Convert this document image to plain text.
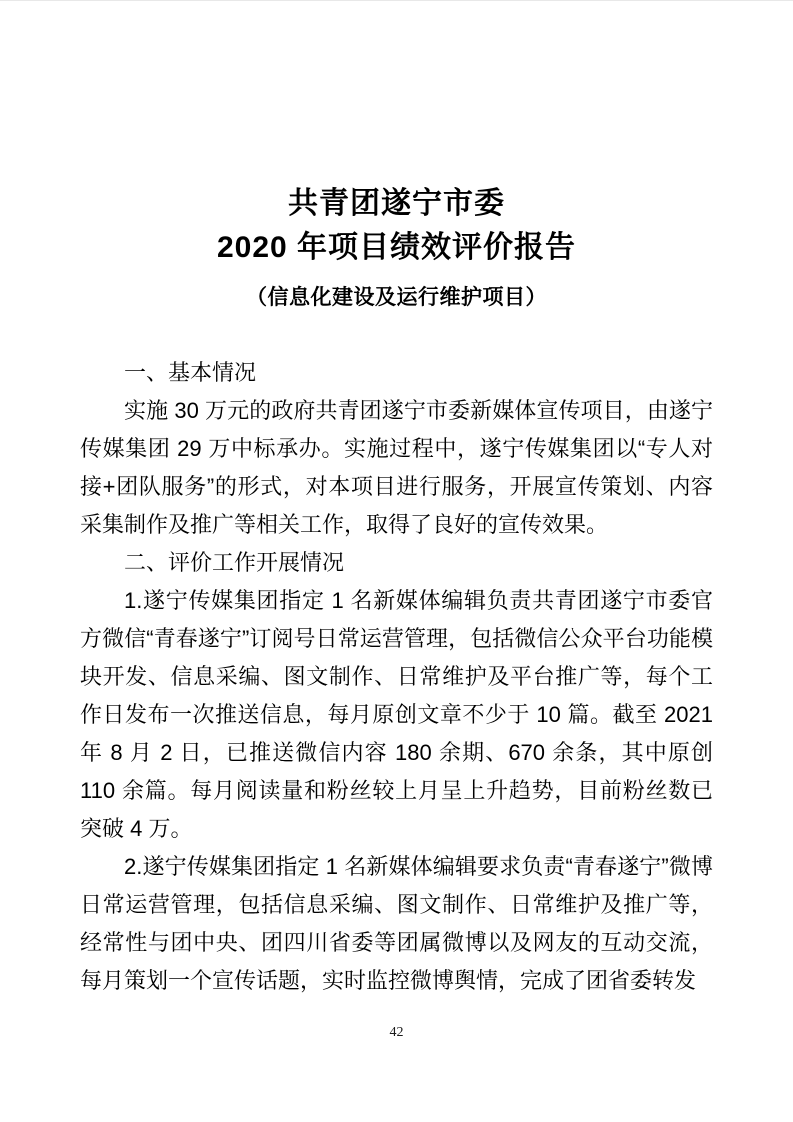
共青团遂宁市委
2020 年项目绩效评价报告
（信息化建设及运行维护项目）

一、基本情况

实施 30 万元的政府共青团遂宁市委新媒体宣传项目，由遂宁传媒集团 29 万中标承办。实施过程中，遂宁传媒集团以“专人对接+团队服务”的形式，对本项目进行服务，开展宣传策划、内容采集制作及推广等相关工作，取得了良好的宣传效果。

二、评价工作开展情况

1.遂宁传媒集团指定 1 名新媒体编辑负责共青团遂宁市委官方微信“青春遂宁”订阅号日常运营管理，包括微信公众平台功能模块开发、信息采编、图文制作、日常维护及平台推广等，每个工作日发布一次推送信息，每月原创文章不少于 10 篇。截至 2021 年 8 月 2 日，已推送微信内容 180 余期、670 余条，其中原创 110 余篇。每月阅读量和粉丝较上月呈上升趋势，目前粉丝数已突破 4 万。

2.遂宁传媒集团指定 1 名新媒体编辑要求负责“青春遂宁”微博日常运营管理，包括信息采编、图文制作、日常维护及推广等，经常性与团中央、团四川省委等团属微博以及网友的互动交流，每月策划一个宣传话题，实时监控微博舆情，完成了团省委转发

42
